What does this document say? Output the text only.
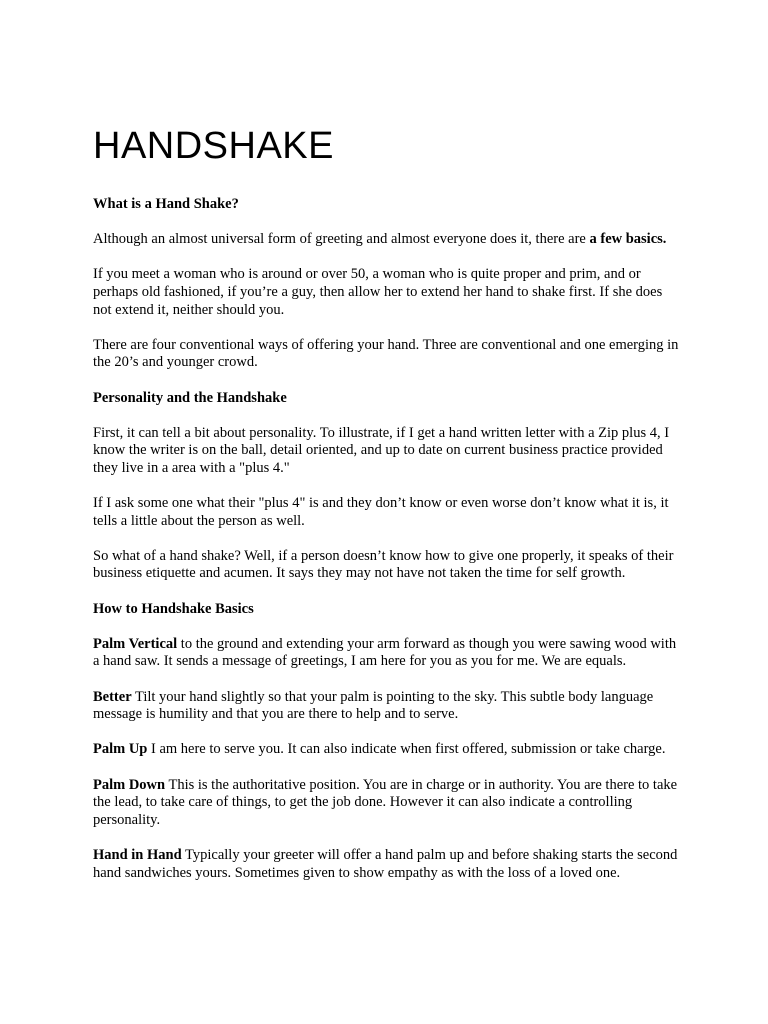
HANDSHAKE

What is a Hand Shake?

Although an almost universal form of greeting and almost everyone does it, there are a few basics.

If you meet a woman who is around or over 50, a woman who is quite proper and prim, and or perhaps old fashioned, if you’re a guy, then allow her to extend her hand to shake first. If she does not extend it, neither should you.

There are four conventional ways of offering your hand. Three are conventional and one emerging in the 20’s and younger crowd.

Personality and the Handshake

First, it can tell a bit about personality. To illustrate, if I get a hand written letter with a Zip plus 4, I know the writer is on the ball, detail oriented, and up to date on current business practice provided they live in a area with a "plus 4."

If I ask some one what their "plus 4" is and they don’t know or even worse don’t know what it is, it tells a little about the person as well.

So what of a hand shake? Well, if a person doesn’t know how to give one properly, it speaks of their business etiquette and acumen. It says they may not have not taken the time for self growth.

How to Handshake Basics

Palm Vertical to the ground and extending your arm forward as though you were sawing wood with a hand saw. It sends a message of greetings, I am here for you as you for me. We are equals.

Better Tilt your hand slightly so that your palm is pointing to the sky. This subtle body language message is humility and that you are there to help and to serve.

Palm Up I am here to serve you. It can also indicate when first offered, submission or take charge.

Palm Down This is the authoritative position. You are in charge or in authority. You are there to take the lead, to take care of things, to get the job done. However it can also indicate a controlling personality.

Hand in Hand Typically your greeter will offer a hand palm up and before shaking starts the second hand sandwiches yours. Sometimes given to show empathy as with the loss of a loved one.
